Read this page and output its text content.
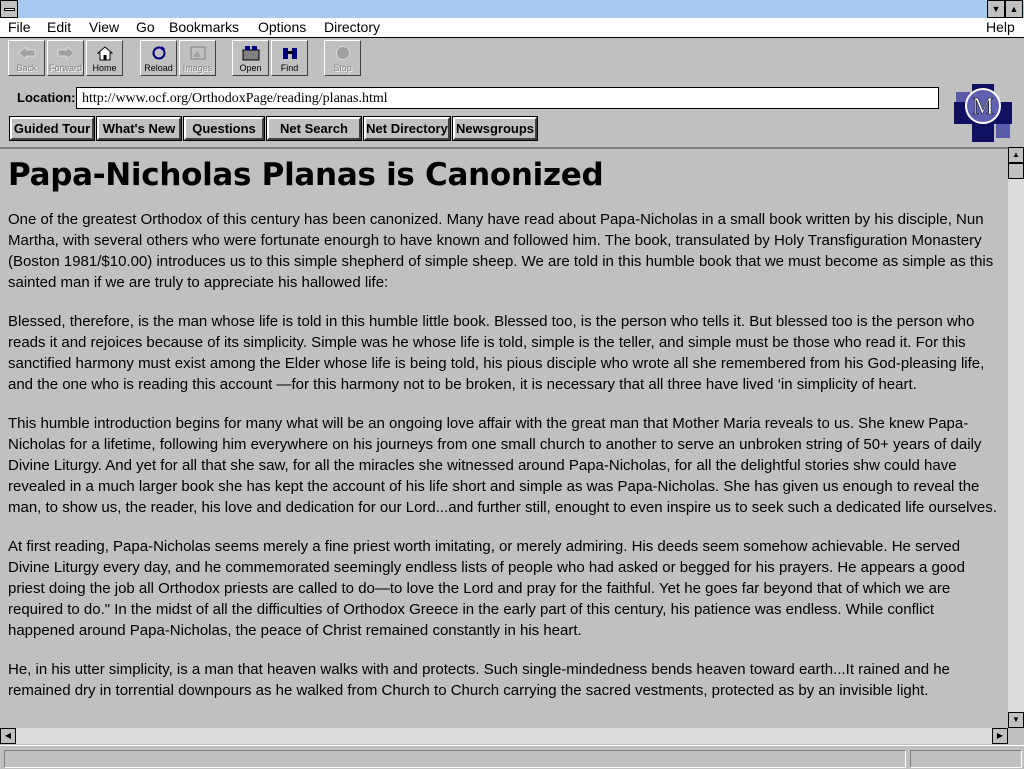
▼	▲
File Edit View Go Bookmarks Options Directory	Help
Back	Forward	Home	Reload	Images	Open	Find	Stop
Location: http://www.ocf.org/OrthodoxPage/reading/planas.html
Guided Tour What's New	Questions	Net Search	Net Directory Newsgroups
M
Papa-Nicholas Planas is Canonized

One of the greatest Orthodox of this century has been canonized. Many have read about Papa-Nicholas in a small book written by his disciple, Nun Martha, with several others who were fortunate enourgh to have known and followed him. The book, transulated by Holy Transfiguration Monastery (Boston 1981/$10.00) introduces us to this simple shepherd of simple sheep. We are told in this humble book that we must become as simple as this sainted man if we are truly to appreciate his hallowed life:

Blessed, therefore, is the man whose life is told in this humble little book. Blessed too, is the person who tells it. But blessed too is the person who reads it and rejoices because of its simplicity. Simple was he whose life is told, simple is the teller, and simple must be those who read it. For this sanctified harmony must exist among the Elder whose life is being told, his pious disciple who wrote all she remembered from his God-pleasing life, and the one who is reading this account —for this harmony not to be broken, it is necessary that all three have lived ‘in simplicity of heart.

This humble introduction begins for many what will be an ongoing love affair with the great man that Mother Maria reveals to us. She knew Papa-Nicholas for a lifetime, following him everywhere on his journeys from one small church to another to serve an unbroken string of 50+ years of daily Divine Liturgy. And yet for all that she saw, for all the miracles she witnessed around Papa-Nicholas, for all the delightful stories shw could have revealed in a much larger book she has kept the account of his life short and simple as was Papa-Nicholas. She has given us enough to reveal the man, to show us, the reader, his love and dedication for our Lord...and further still, enought to even inspire us to seek such a dedicated life ourselves.

At first reading, Papa-Nicholas seems merely a fine priest worth imitating, or merely admiring. His deeds seem somehow achievable. He served Divine Liturgy every day, and he commemorated seemingly endless lists of people who had asked or begged for his prayers. He appears a good priest doing the job all Orthodox priests are called to do—to love the Lord and pray for the faithful. Yet he goes far beyond that of which we are required to do." In the midst of all the difficulties of Orthodox Greece in the early part of this century, his patience was endless. While conflict happened around Papa-Nicholas, the peace of Christ remained constantly in his heart.

He, in his utter simplicity, is a man that heaven walks with and protects. Such single-mindedness bends heaven toward earth...It rained and he remained dry in torrential downpours as he walked from Church to Church carrying the sacred vestments, protected as by an invisible light.

▲
▼
◀	▶
